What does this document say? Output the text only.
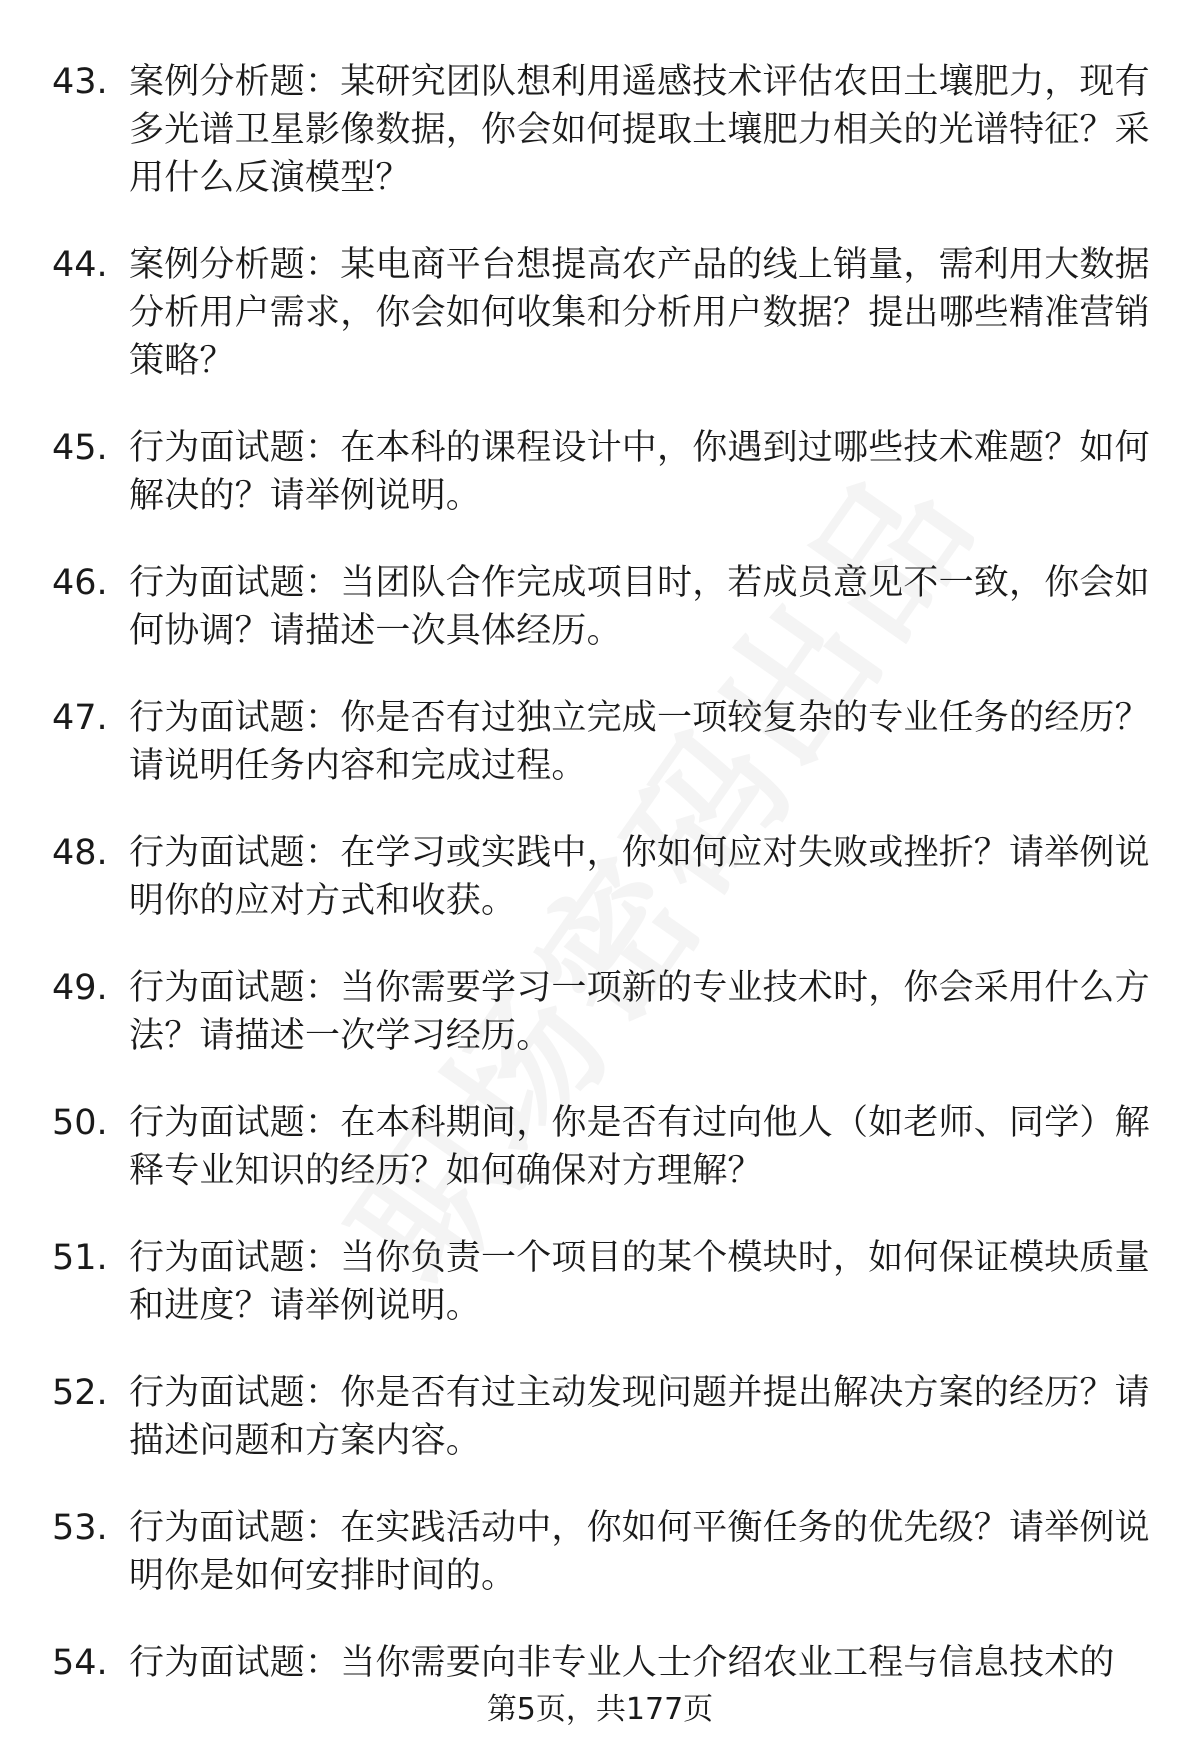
43. 案例分析题：某研究团队想利用遥感技术评估农田土壤肥力，现有多光谱卫星影像数据，你会如何提取土壤肥力相关的光谱特征？采用什么反演模型？
44. 案例分析题：某电商平台想提高农产品的线上销量，需利用大数据分析用户需求，你会如何收集和分析用户数据？提出哪些精准营销策略？
45. 行为面试题：在本科的课程设计中，你遇到过哪些技术难题？如何解决的？请举例说明。
46. 行为面试题：当团队合作完成项目时，若成员意见不一致，你会如何协调？请描述一次具体经历。
47. 行为面试题：你是否有过独立完成一项较复杂的专业任务的经历？请说明任务内容和完成过程。
48. 行为面试题：在学习或实践中，你如何应对失败或挫折？请举例说明你的应对方式和收获。
49. 行为面试题：当你需要学习一项新的专业技术时，你会采用什么方法？请描述一次学习经历。
50. 行为面试题：在本科期间，你是否有过向他人（如老师、同学）解释专业知识的经历？如何确保对方理解？
51. 行为面试题：当你负责一个项目的某个模块时，如何保证模块质量和进度？请举例说明。
52. 行为面试题：你是否有过主动发现问题并提出解决方案的经历？请描述问题和方案内容。
53. 行为面试题：在实践活动中，你如何平衡任务的优先级？请举例说明你是如何安排时间的。
54. 行为面试题：当你需要向非专业人士介绍农业工程与信息技术的
第5页，共177页
